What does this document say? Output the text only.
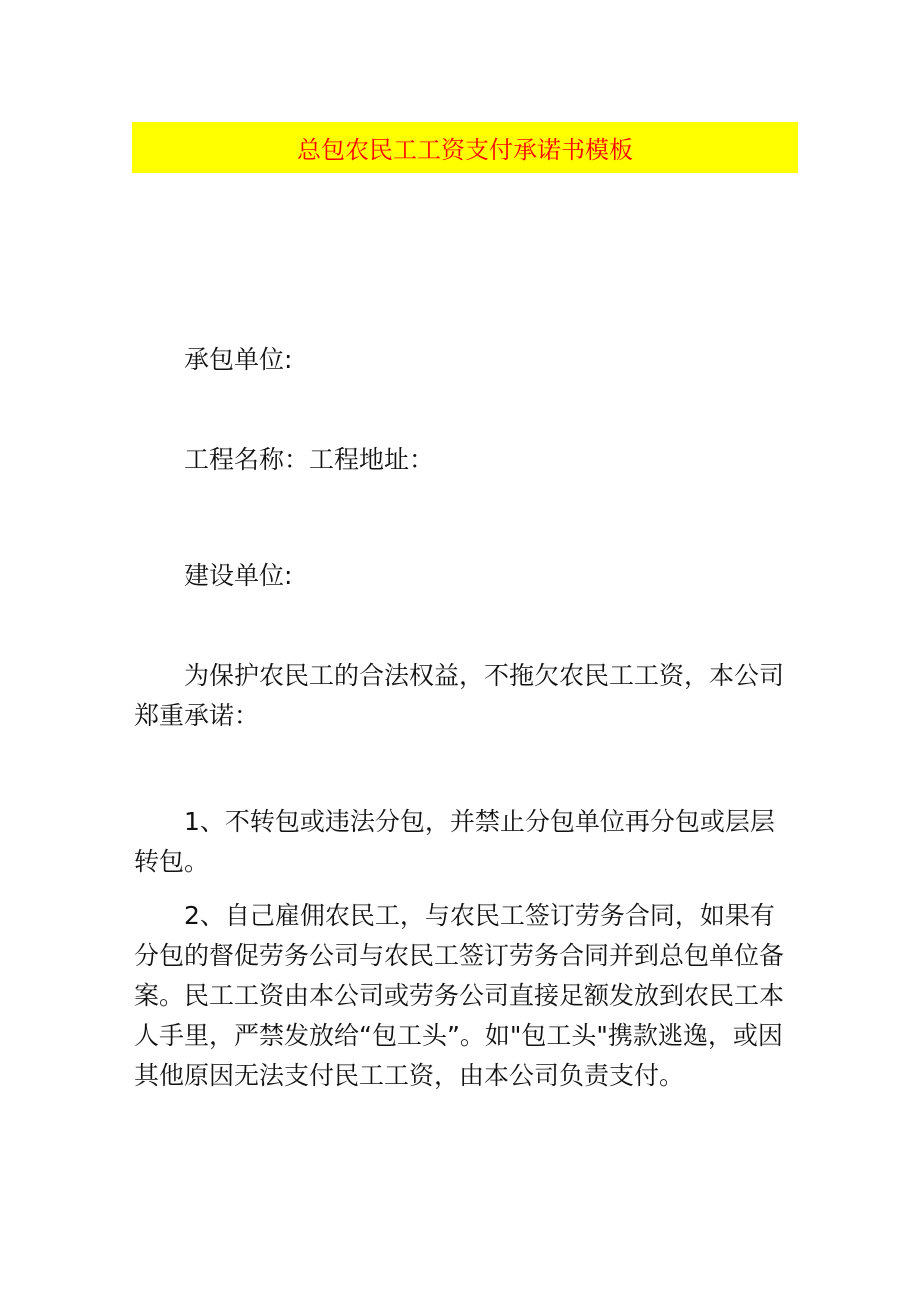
总包农民工工资支付承诺书模板

承包单位:

工程名称：工程地址：

建设单位:

为保护农民工的合法权益，不拖欠农民工工资，本公司郑重承诺：

1、不转包或违法分包，并禁止分包单位再分包或层层转包。

2、自己雇佣农民工，与农民工签订劳务合同，如果有分包的督促劳务公司与农民工签订劳务合同并到总包单位备案。民工工资由本公司或劳务公司直接足额发放到农民工本人手里，严禁发放给“包工头”。如"包工头"携款逃逸，或因其他原因无法支付民工工资，由本公司负责支付。
